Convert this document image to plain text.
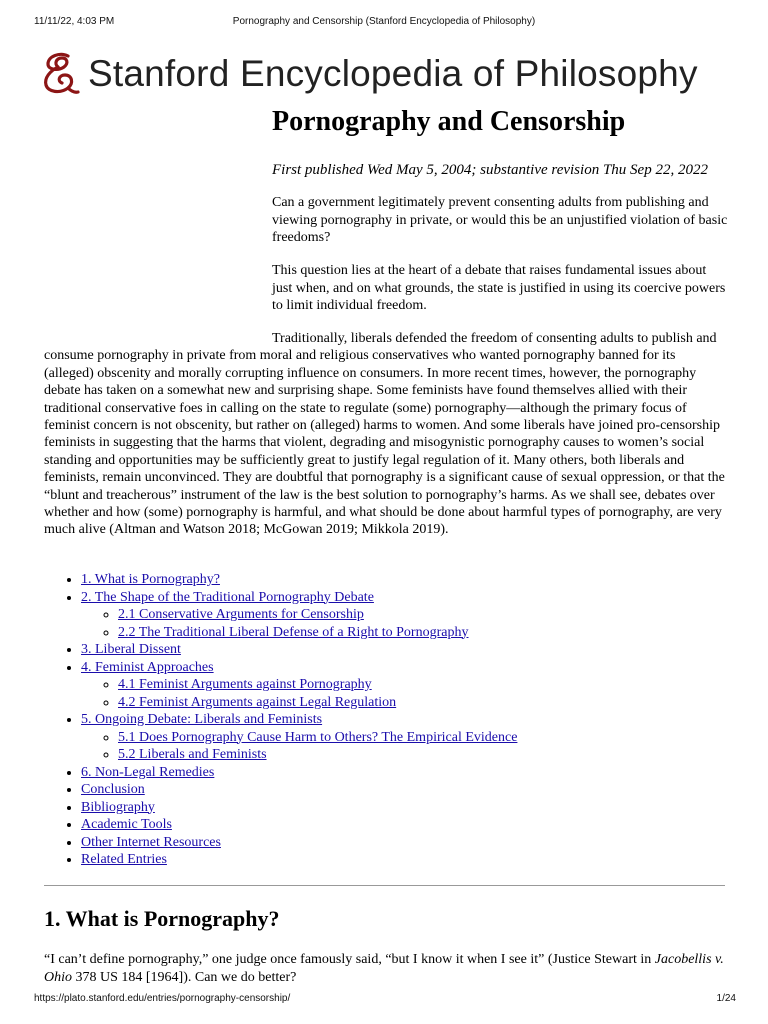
11/11/22, 4:03 PM	Pornography and Censorship (Stanford Encyclopedia of Philosophy)
Stanford Encyclopedia of Philosophy
Pornography and Censorship

First published Wed May 5, 2004; substantive revision Thu Sep 22, 2022

Can a government legitimately prevent consenting adults from publishing and viewing pornography in private, or would this be an unjustified violation of basic freedoms?

This question lies at the heart of a debate that raises fundamental issues about just when, and on what grounds, the state is justified in using its coercive powers to limit individual freedom.

Traditionally, liberals defended the freedom of consenting adults to publish and consume pornography in private from moral and religious conservatives who wanted pornography banned for its (alleged) obscenity and morally corrupting influence on consumers. In more recent times, however, the pornography debate has taken on a somewhat new and surprising shape. Some feminists have found themselves allied with their traditional conservative foes in calling on the state to regulate (some) pornography—although the primary focus of feminist concern is not obscenity, but rather on (alleged) harms to women. And some liberals have joined pro-censorship feminists in suggesting that the harms that violent, degrading and misogynistic pornography causes to women’s social standing and opportunities may be sufficiently great to justify legal regulation of it. Many others, both liberals and feminists, remain unconvinced. They are doubtful that pornography is a significant cause of sexual oppression, or that the “blunt and treacherous” instrument of the law is the best solution to pornography’s harms. As we shall see, debates over whether and how (some) pornography is harmful, and what should be done about harmful types of pornography, are very much alive (Altman and Watson 2018; McGowan 2019; Mikkola 2019).

• 1. What is Pornography?
• 2. The Shape of the Traditional Pornography Debate
◦ 2.1 Conservative Arguments for Censorship
◦ 2.2 The Traditional Liberal Defense of a Right to Pornography
• 3. Liberal Dissent
• 4. Feminist Approaches
◦ 4.1 Feminist Arguments against Pornography
◦ 4.2 Feminist Arguments against Legal Regulation
• 5. Ongoing Debate: Liberals and Feminists
◦ 5.1 Does Pornography Cause Harm to Others? The Empirical Evidence
◦ 5.2 Liberals and Feminists
• 6. Non-Legal Remedies
• Conclusion
• Bibliography
• Academic Tools
• Other Internet Resources
• Related Entries
1. What is Pornography?

“I can’t define pornography,” one judge once famously said, “but I know it when I see it” (Justice Stewart in Jacobellis v. Ohio 378 US 184 [1964]). Can we do better?

https://plato.stanford.edu/entries/pornography-censorship/	1/24
